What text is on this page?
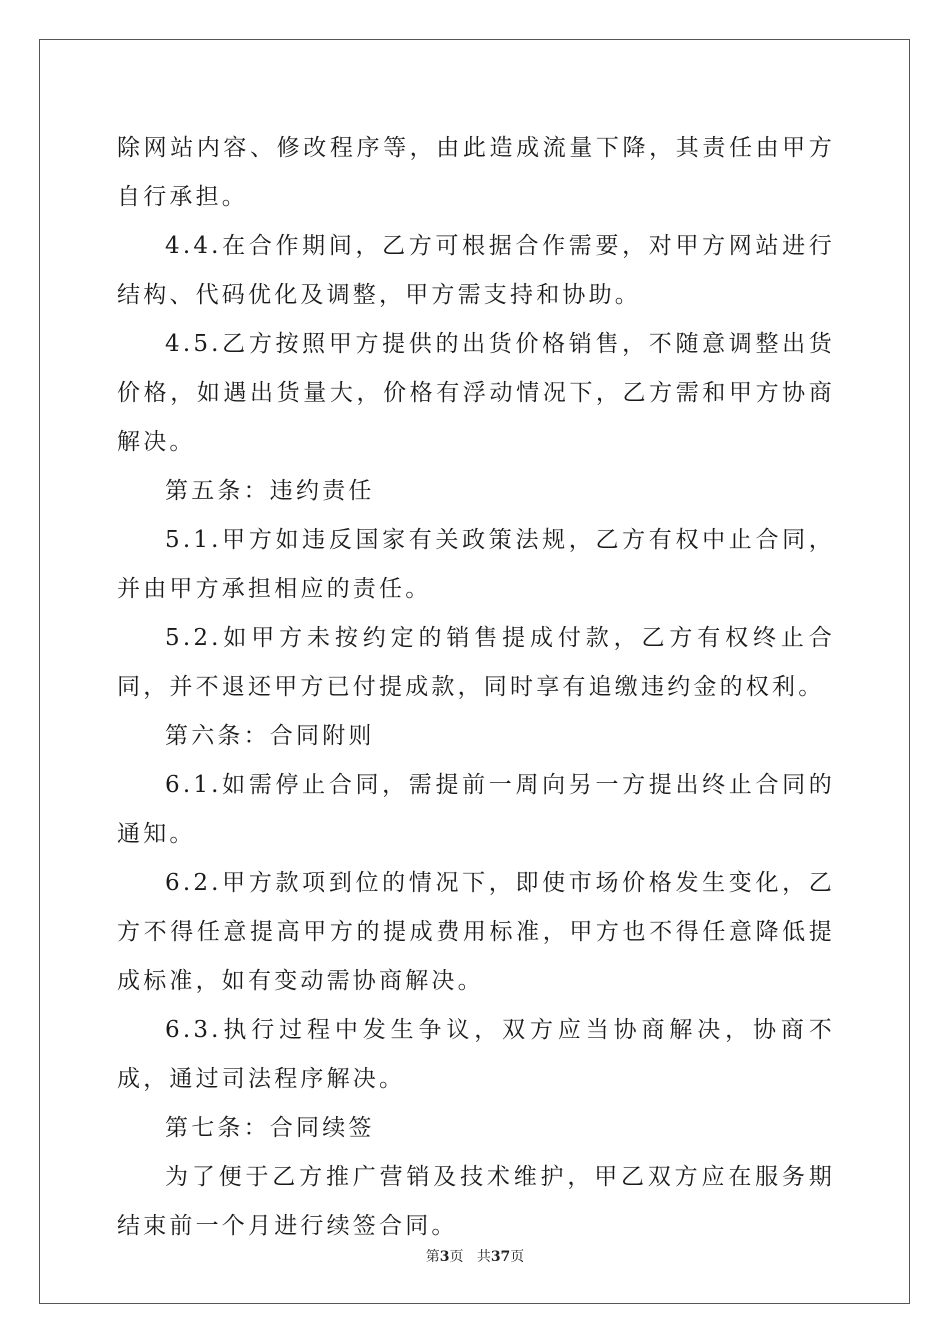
除网站内容、修改程序等，由此造成流量下降，其责任由甲方自行承担。

4.4.在合作期间，乙方可根据合作需要，对甲方网站进行结构、代码优化及调整，甲方需支持和协助。

4.5.乙方按照甲方提供的出货价格销售，不随意调整出货价格，如遇出货量大，价格有浮动情况下，乙方需和甲方协商解决。

第五条：违约责任

5.1.甲方如违反国家有关政策法规，乙方有权中止合同，并由甲方承担相应的责任。

5.2.如甲方未按约定的销售提成付款，乙方有权终止合同，并不退还甲方已付提成款，同时享有追缴违约金的权利。

第六条：合同附则

6.1.如需停止合同，需提前一周向另一方提出终止合同的通知。

6.2.甲方款项到位的情况下，即使市场价格发生变化，乙方不得任意提高甲方的提成费用标准，甲方也不得任意降低提成标准，如有变动需协商解决。

6.3.执行过程中发生争议，双方应当协商解决，协商不成，通过司法程序解决。

第七条：合同续签

为了便于乙方推广营销及技术维护，甲乙双方应在服务期结束前一个月进行续签合同。

第3页 共37页
